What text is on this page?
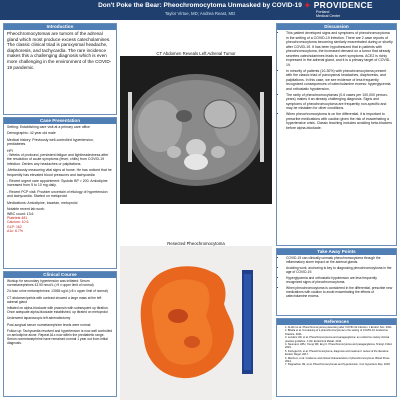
Don't Poke the Bear: Pheochromocytoma Unmasked by COVID-19
Taylor Virtue, MD; Andrea Reast, MD
✦ PROVIDENCE
Portland
Medical Center
Introduction
Pheochromocytomas are tumors of the adrenal gland which most produce excess catecholamines. The classic clinical triad is paroxysmal headache, diaphoresis, and tachycardia. The rare incidence makes this a challenging diagnosis which is even more challenging in the environment of the COVID-19 pandemic.
Case Presentation

Setting: Establishing care visit at a primary care office

Demographic: 42 year old male

Medical history: Previously well-controlled hypertension, prediabetes

HPI

- Weeks of profound, persistent fatigue and lightheadedness after the resolution of acute symptoms (fever, chills) from COVID-19 infection. Denies any headaches or palpitations.

-Meticulously measuring vital signs at home. He has noticed that he frequently has elevated blood pressures and tachycardia

- Recent urgent care appointment: Systolic BP > 200. Amlodipine increased from 5 to 10 mg daily.

- Recent PCP visit: Provider uncertain of etiology of hypertension and tachycardia. Started on metoprolol

Medications: Amlodipine, losartan, metoprolol

Notable recent lab work:

WBC count: 13.6
Platelets 481
Calcium: 10.6
GLP: 162
A1c: 6.7%
Clinical Course

Workup for secondary hypertension was initiated: Serum normetanephrines 43.90 nmol/L (>9 x upper limit of normal)

24-hour urine metanephrines: 13065 ug/d (>8 x upper limit of normal)

CT abdomen/pelvis with contrast showed a large mass at the left adrenal gland

Initiated on alpha-blockade with prazosin with subsequent up titration. Once adequate alpha-blockade established, up titrated on metoprolol

Underwent laparoscopic left adrenalectomy

Post-surgical serum normetanephrine levels were normal

Follow up: Tachycardia resolved and hypertension is now well controlled on amlodipine alone. Repeat A1c now within the prediabetic range. Serum normetanephrine have remained normal 1 year out from initial diagnosis.

CT Abdomen Reveals Left Adrenal Tumor
Resected Pheochromocytoma
Discussion
• This patient developed signs and symptoms of pheochromocytoma in the setting of a COVID-19 infection. There are 2 case reports of pheochromocytoma becoming similarly exacerbated during or shortly after COVID-19. It has been hypothesized that in patients with pheochromocytoma, the increased demand on a tumor that already secretes catecholamines leads to overt symptoms. ACE2 is richly expressed in the adrenal gland, and it is a primary target of COVID-19.
• In minority of patients (10-30%) with pheochromocytoma present with the classic triad of paroxysmal headaches, diaphoresis, and palpitations. In this case, we see evidence of less frequently recognized consequences of catecholamine excess: hyperglycemia and orthostatic hypotension.
• The rarity of pheochromocytomas (0.6 cases per 100,000 person-years) makes it an already challenging diagnosis. Signs and symptoms of pheochromocytoma are frequently non-specific and may be mistaken for other conditions.
• When pheochromocytoma is on the differential, it is important to prescribe medications with caution given the risk of exacerbating a hypertensive crisis. Classic teaching includes avoiding beta-blockers before alpha-blockade.
Take Away Points
• COVID-19 can clinically unmask pheochromocytoma through the inflammatory storm impact on the adrenal glands.
• Avoiding work, anchoring is key to diagnosing pheochromocytoma in the age of COVID-19.
• Hyperglycemia and orthostatic hypotension are less frequently recognized signs of pheochromocytoma.
• When pheochromocytoma is considered in the differential, prescribe new medications with caution to avoid exacerbating the effects of catecholamine excess.
References
1. Al-Abri et al. Pheochromocytoma presenting after COVID-19 infection. J Endocr Soc. 2021.
2. Bhatia et al. Unmasking of a pheochromocytoma in the setting of COVID-19. Endocrine Practice. 2021.
3. Lenders JW, et al. Pheochromocytoma and paraganglioma: an endocrine society clinical practice guideline. J Clin Endocrinol Metab. 2014.
4. Neumann HPH, Young WF, Eng C. Pheochromocytoma and paraganglioma. N Engl J Med. 2019.
5. Farrugia FA, et al. Pheochromocytoma, diagnosis and treatment: review of the literature. Endocr Regul. 2017.
6. Mazza A, et al. Incidence and clinical characteristics of pheochromocytoma. Blood Press. 2014.
7. Pappachan JM, et al. Pheochromocytomas and hypertension. Curr Hypertens Rep. 2018.
